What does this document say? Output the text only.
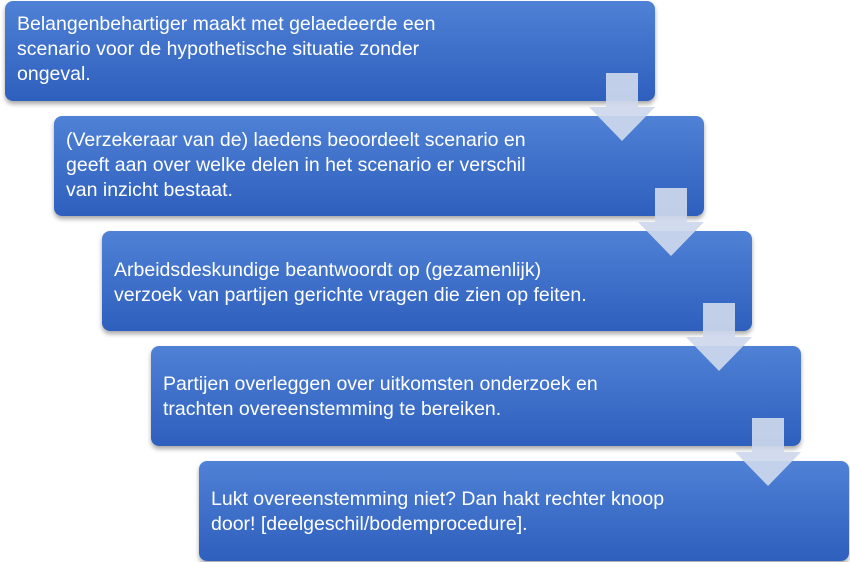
Belangenbehartiger maakt met gelaedeerde een
scenario voor de hypothetische situatie zonder
ongeval.
(Verzekeraar van de) laedens beoordeelt scenario en
geeft aan over welke delen in het scenario er verschil
van inzicht bestaat.
Arbeidsdeskundige beantwoordt op (gezamenlijk)
verzoek van partijen gerichte vragen die zien op feiten.
Partijen overleggen over uitkomsten onderzoek en
trachten overeenstemming te bereiken.
Lukt overeenstemming niet? Dan hakt rechter knoop
door! [deelgeschil/bodemprocedure].
